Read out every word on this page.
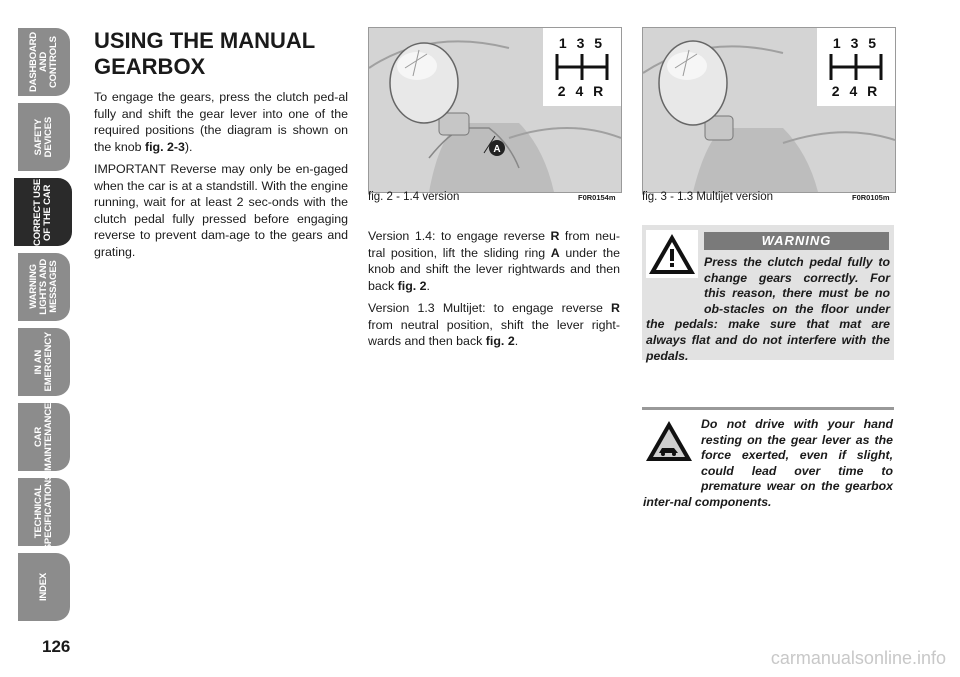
DASHBOARD
AND CONTROLS
SAFETY
DEVICES
CORRECT USE
OF THE CAR
WARNING
LIGHTS AND
MESSAGES
IN AN
EMERGENCY
CAR
MAINTENANCE
TECHNICAL
SPECIFICATIONS
INDEX
126
USING THE MANUAL GEARBOX

To engage the gears, press the clutch ped-al fully and shift the gear lever into one of the required positions (the diagram is shown on the knob fig. 2-3).

IMPORTANT Reverse may only be en-gaged when the car is at a standstill. With the engine running, wait for at least 2 sec-onds with the clutch pedal fully pressed before engaging reverse to prevent dam-age to the gears and grating.

A
1 3 5
2 4 R
fig. 2 - 1.4 version	F0R0154m
1 3 5
2 4 R
fig. 3 - 1.3 Multijet version	F0R0105m

Version 1.4: to engage reverse R from neu-tral position, lift the sliding ring A under the knob and shift the lever rightwards and then back fig. 2.

Version 1.3 Multijet: to engage reverse R from neutral position, shift the lever right-wards and then back fig. 2.

WARNING
Press the clutch pedal fully to change gears correctly. For this reason, there must be no ob-stacles on the floor under the pedals: make sure that mat are always flat and do not interfere with the pedals.
Do not drive with your hand resting on the gear lever as the force exerted, even if slight, could lead over time to premature wear on the gearbox inter-nal components.
carmanualsonline.info
